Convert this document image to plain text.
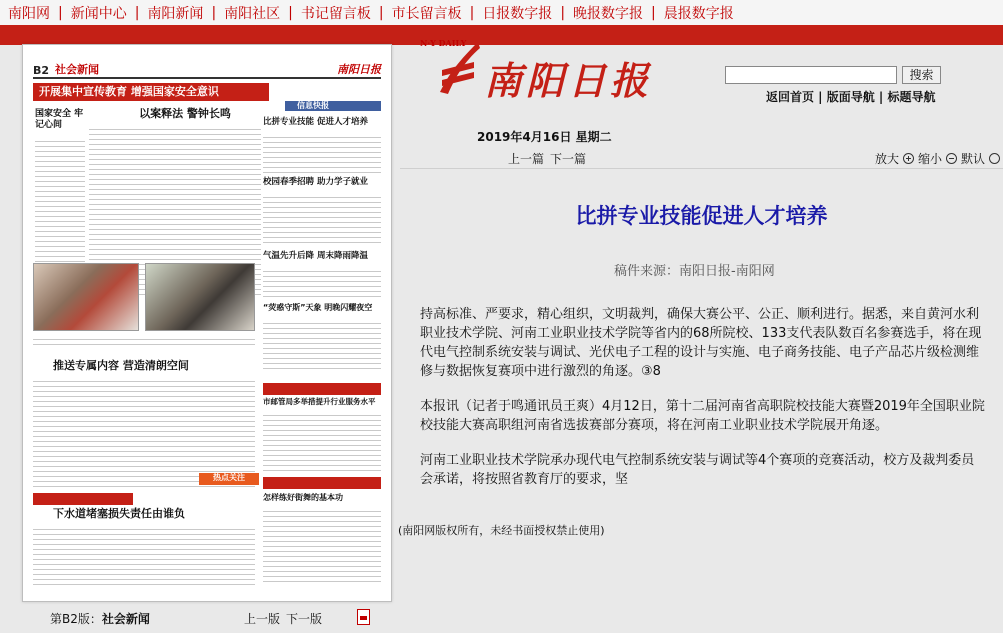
南阳网 | 新闻中心 | 南阳新闻 | 南阳社区 | 书记留言板 | 市长留言板 | 日报数字报 | 晚报数字报 | 晨报数字报
B2 社会新闻	南阳日报
开展集中宣传教育 增强国家安全意识
国家安全 牢记心间
以案释法 警钟长鸣
信息快报
比拼专业技能 促进人才培养
校园春季招聘 助力学子就业
气温先升后降 周末降雨降温
“荧惑守斯”天象 明晚闪耀夜空
推送专属内容 营造清朗空间
市邮管局多举措提升行业服务水平
热点关注
下水道堵塞损失责任由谁负
怎样练好街舞的基本功
第B2版：社会新闻	上一版 下一版
N·Y DAILY
南阳日报	搜索
返回首页 | 版面导航 | 标题导航
2019年4月16日 星期二
上一篇 下一篇	放大 缩小 默认
比拼专业技能促进人才培养
稿件来源：南阳日报-南阳网

持高标准、严要求，精心组织，文明裁判，确保大赛公平、公正、顺利进行。据悉，来自黄河水利职业技术学院、河南工业职业技术学院等省内的68所院校、133支代表队数百名参赛选手，将在现代电气控制系统安装与调试、光伏电子工程的设计与实施、电子商务技能、电子产品芯片级检测维修与数据恢复赛项中进行激烈的角逐。③8

本报讯（记者于鸣通讯员王爽）4月12日，第十二届河南省高职院校技能大赛暨2019年全国职业院校技能大赛高职组河南省选拔赛部分赛项，将在河南工业职业技术学院展开角逐。

河南工业职业技术学院承办现代电气控制系统安装与调试等4个赛项的竞赛活动，校方及裁判委员会承诺，将按照省教育厅的要求，坚

(南阳网版权所有，未经书面授权禁止使用)
